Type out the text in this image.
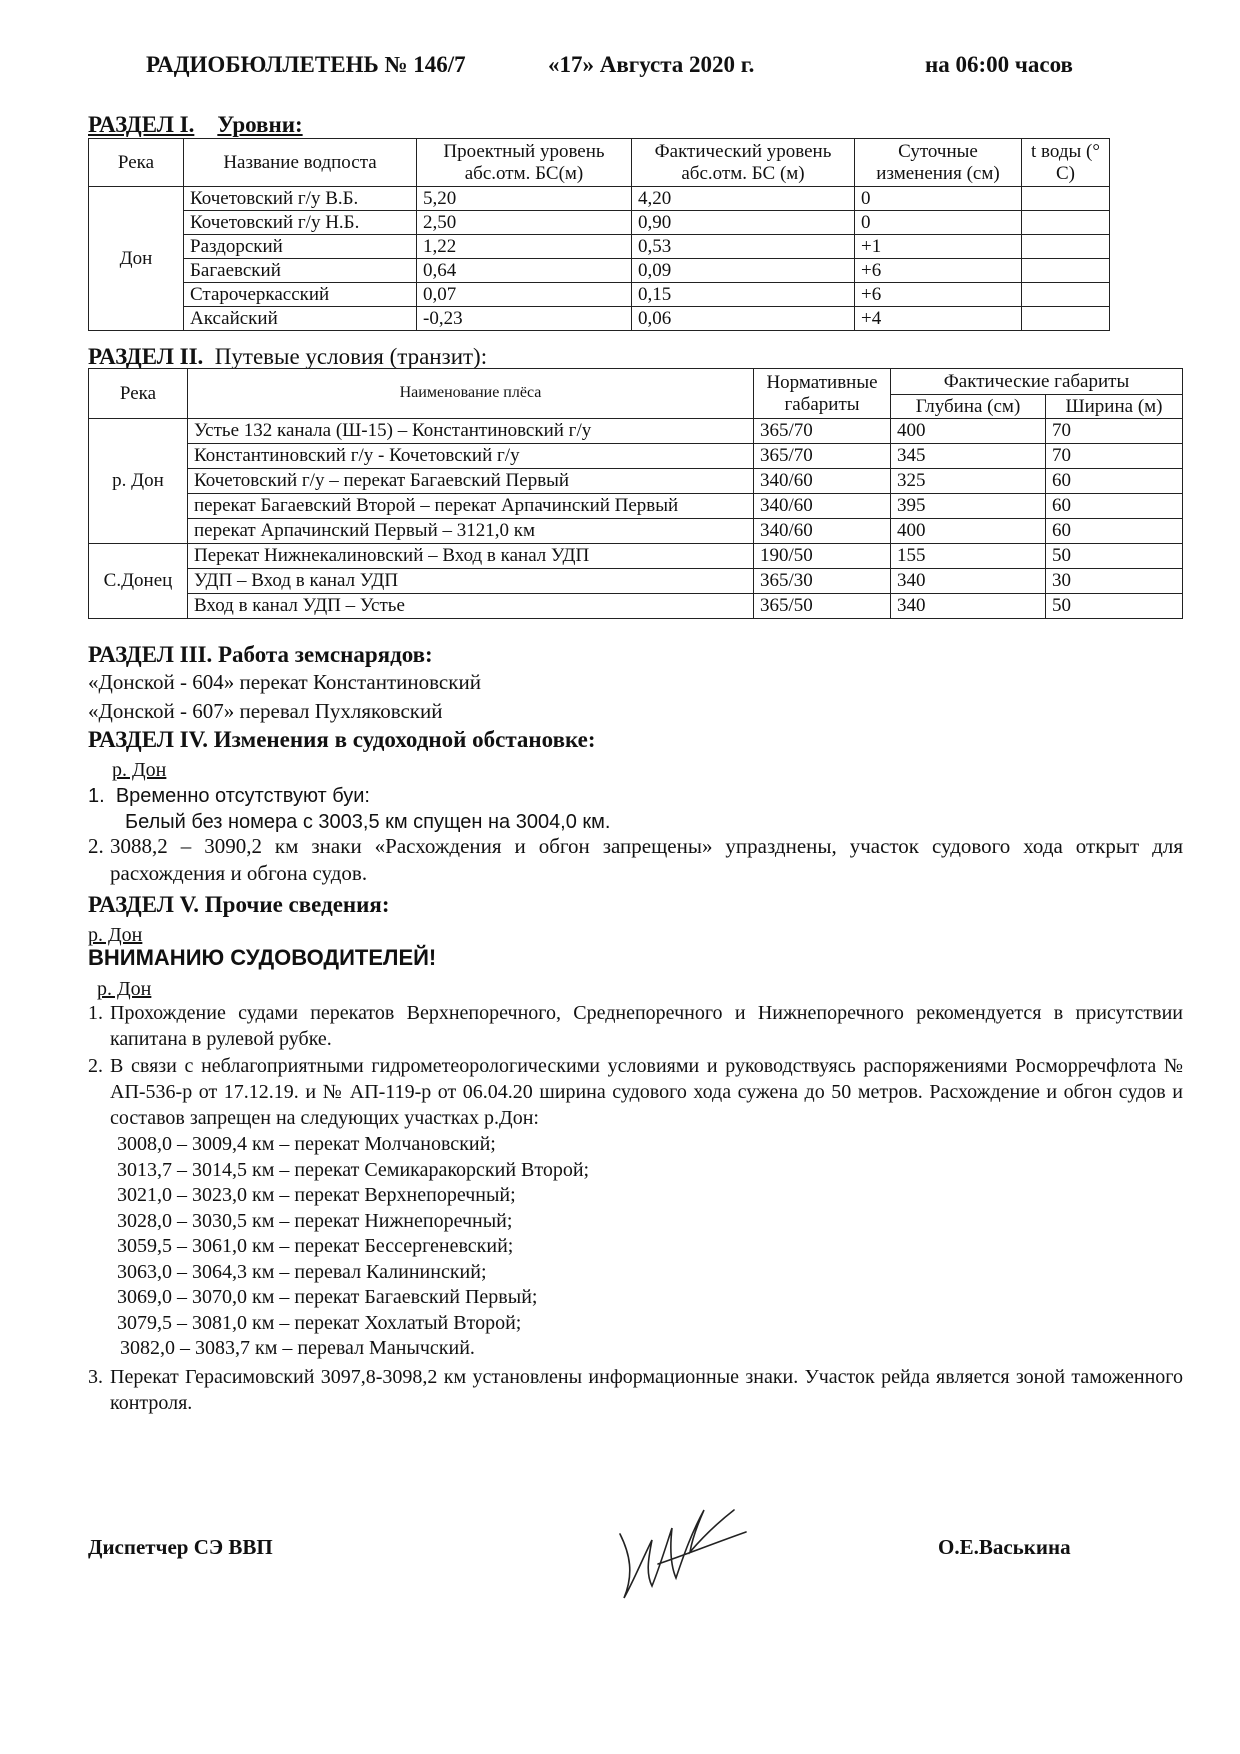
РАДИОБЮЛЛЕТЕНЬ № 146/7	«17» Августа 2020 г.	на 06:00 часов
РАЗДЕЛ I. Уровни:
Река	Название водпоста	Проектный уровень абс.отм. БС(м)	Фактический уровень абс.отм. БС (м)	Суточные изменения (см)	t воды (° С)
Дон	Кочетовский г/у В.Б.	5,20	4,20	0	
	Кочетовский г/у Н.Б.	2,50	0,90	0	
	Раздорский	1,22	0,53	+1	
	Багаевский	0,64	0,09	+6	
	Старочеркасский	0,07	0,15	+6	
	Аксайский	-0,23	0,06	+4	
РАЗДЕЛ II. Путевые условия (транзит):
Река	Наименование плёса	Нормативные габариты	Фактические габариты	
			Глубина (см)	Ширина (м)
р. Дон	Устье 132 канала (Ш-15) – Константиновский г/у	365/70	400	70
	Константиновский г/у - Кочетовский г/у	365/70	345	70
	Кочетовский г/у – перекат Багаевский Первый	340/60	325	60
	перекат Багаевский Второй – перекат Арпачинский Первый	340/60	395	60
	перекат Арпачинский Первый – 3121,0 км	340/60	400	60
С.Донец	Перекат Нижнекалиновский – Вход в канал УДП	190/50	155	50
	УДП – Вход в канал УДП	365/30	340	30
	Вход в канал УДП – Устье	365/50	340	50
РАЗДЕЛ III. Работа земснарядов:
«Донской - 604» перекат Константиновский
«Донской - 607» перевал Пухляковский
РАЗДЕЛ IV. Изменения в судоходной обстановке:
р. Дон
1. Временно отсутствуют буи:
Белый без номера с 3003,5 км спущен на 3004,0 км.
2. 3088,2 – 3090,2 км знаки «Расхождения и обгон запрещены» упразднены, участок судового хода открыт для расхождения и обгона судов.
РАЗДЕЛ V. Прочие сведения:
р. Дон
ВНИМАНИЮ СУДОВОДИТЕЛЕЙ!
р. Дон
1. Прохождение судами перекатов Верхнепоречного, Среднепоречного и Нижнепоречного рекомендуется в присутствии капитана в рулевой рубке.
2. В связи с неблагоприятными гидрометеорологическими условиями и руководствуясь распоряжениями Росморречфлота № АП-536-р от 17.12.19. и № АП-119-р от 06.04.20 ширина судового хода сужена до 50 метров. Расхождение и обгон судов и составов запрещен на следующих участках р.Дон:
3008,0 – 3009,4 км – перекат Молчановский;
3013,7 – 3014,5 км – перекат Семикаракорский Второй;
3021,0 – 3023,0 км – перекат Верхнепоречный;
3028,0 – 3030,5 км – перекат Нижнепоречный;
3059,5 – 3061,0 км – перекат Бессергеневский;
3063,0 – 3064,3 км – перевал Калининский;
3069,0 – 3070,0 км – перекат Багаевский Первый;
3079,5 – 3081,0 км – перекат Хохлатый Второй;
3082,0 – 3083,7 км – перевал Манычский.
3. Перекат Герасимовский 3097,8-3098,2 км установлены информационные знаки. Участок рейда является зоной таможенного контроля.
Диспетчер СЭ ВВП	О.Е.Васькина
